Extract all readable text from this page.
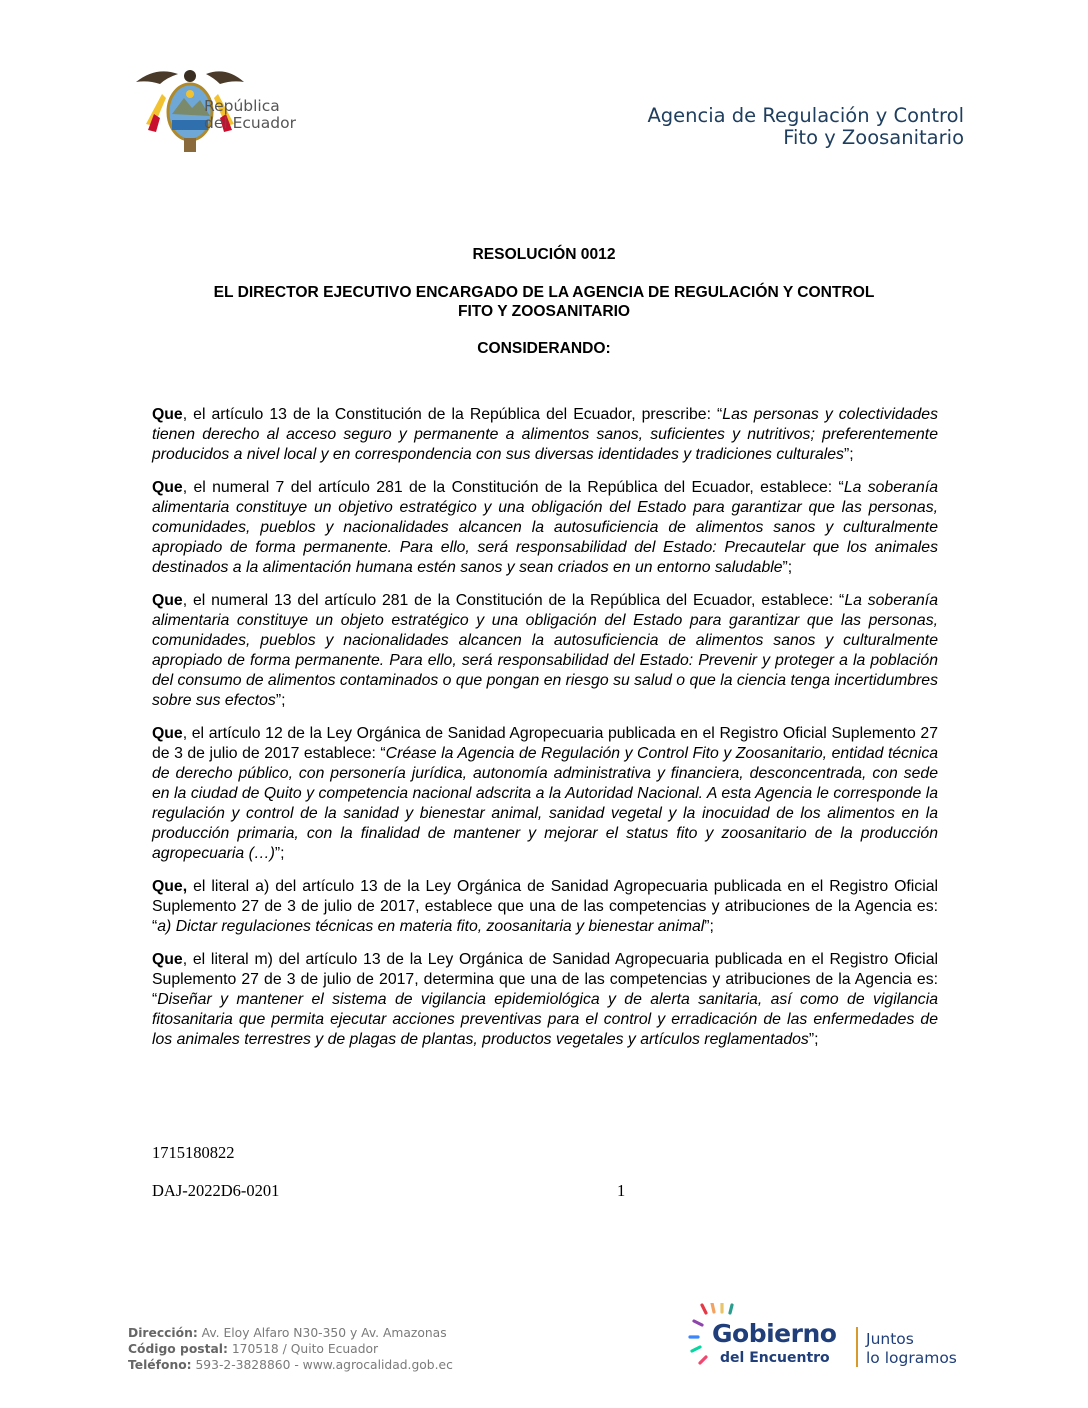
República
del Ecuador	Agencia de Regulación y Control
Fito y Zoosanitario
RESOLUCIÓN 0012
EL DIRECTOR EJECUTIVO ENCARGADO DE LA AGENCIA DE REGULACIÓN Y CONTROL
FITO Y ZOOSANITARIO
CONSIDERANDO:

Que, el artículo 13 de la Constitución de la República del Ecuador, prescribe: “Las personas y colectividades tienen derecho al acceso seguro y permanente a alimentos sanos, suficientes y nutritivos; preferentemente producidos a nivel local y en correspondencia con sus diversas identidades y tradiciones culturales”;

Que, el numeral 7 del artículo 281 de la Constitución de la República del Ecuador, establece: “La soberanía alimentaria constituye un objetivo estratégico y una obligación del Estado para garantizar que las personas, comunidades, pueblos y nacionalidades alcancen la autosuficiencia de alimentos sanos y culturalmente apropiado de forma permanente. Para ello, será responsabilidad del Estado: Precautelar que los animales destinados a la alimentación humana estén sanos y sean criados en un entorno saludable”;

Que, el numeral 13 del artículo 281 de la Constitución de la República del Ecuador, establece: “La soberanía alimentaria constituye un objeto estratégico y una obligación del Estado para garantizar que las personas, comunidades, pueblos y nacionalidades alcancen la autosuficiencia de alimentos sanos y culturalmente apropiado de forma permanente. Para ello, será responsabilidad del Estado: Prevenir y proteger a la población del consumo de alimentos contaminados o que pongan en riesgo su salud o que la ciencia tenga incertidumbres sobre sus efectos”;

Que, el artículo 12 de la Ley Orgánica de Sanidad Agropecuaria publicada en el Registro Oficial Suplemento 27 de 3 de julio de 2017 establece: “Créase la Agencia de Regulación y Control Fito y Zoosanitario, entidad técnica de derecho público, con personería jurídica, autonomía administrativa y financiera, desconcentrada, con sede en la ciudad de Quito y competencia nacional adscrita a la Autoridad Nacional. A esta Agencia le corresponde la regulación y control de la sanidad y bienestar animal, sanidad vegetal y la inocuidad de los alimentos en la producción primaria, con la finalidad de mantener y mejorar el status fito y zoosanitario de la producción agropecuaria (…)”;

Que, el literal a) del artículo 13 de la Ley Orgánica de Sanidad Agropecuaria publicada en el Registro Oficial Suplemento 27 de 3 de julio de 2017, establece que una de las competencias y atribuciones de la Agencia es: “a) Dictar regulaciones técnicas en materia fito, zoosanitaria y bienestar animal”;

Que, el literal m) del artículo 13 de la Ley Orgánica de Sanidad Agropecuaria publicada en el Registro Oficial Suplemento 27 de 3 de julio de 2017, determina que una de las competencias y atribuciones de la Agencia es: “Diseñar y mantener el sistema de vigilancia epidemiológica y de alerta sanitaria, así como de vigilancia fitosanitaria que permita ejecutar acciones preventivas para el control y erradicación de las enfermedades de los animales terrestres y de plagas de plantas, productos vegetales y artículos reglamentados”;

1715180822
DAJ-2022D6-0201	1
Dirección: Av. Eloy Alfaro N30-350 y Av. Amazonas
Código postal: 170518 / Quito Ecuador
Teléfono: 593-2-3828860 - www.agrocalidad.gob.ec
Gobierno
del Encuentro
Juntos
lo logramos
